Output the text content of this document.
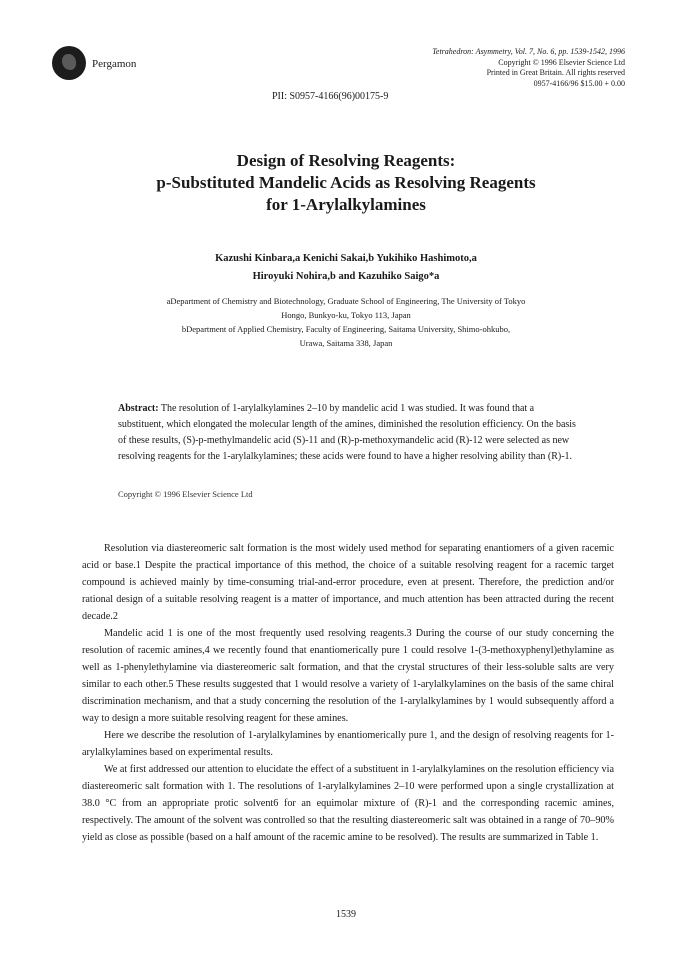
Pergamon
Tetrahedron: Asymmetry, Vol. 7, No. 6, pp. 1539-1542, 1996
Copyright © 1996 Elsevier Science Ltd
Printed in Great Britain. All rights reserved
0957-4166/96 $15.00 + 0.00
PII: S0957-4166(96)00175-9
Design of Resolving Reagents:
p-Substituted Mandelic Acids as Resolving Reagents
for 1-Arylalkylamines
Kazushi Kinbara,a Kenichi Sakai,b Yukihiko Hashimoto,a
Hiroyuki Nohira,b and Kazuhiko Saigo*a
aDepartment of Chemistry and Biotechnology, Graduate School of Engineering, The University of Tokyo
Hongo, Bunkyo-ku, Tokyo 113, Japan
bDepartment of Applied Chemistry, Faculty of Engineering, Saitama University, Shimo-ohkubo,
Urawa, Saitama 338, Japan
Abstract: The resolution of 1-arylalkylamines 2–10 by mandelic acid 1 was studied. It was found that a substituent, which elongated the molecular length of the amines, diminished the resolution efficiency. On the basis of these results, (S)-p-methylmandelic acid (S)-11 and (R)-p-methoxymandelic acid (R)-12 were selected as new resolving reagents for the 1-arylalkylamines; these acids were found to have a higher resolving ability than (R)-1.
Copyright © 1996 Elsevier Science Ltd

Resolution via diastereomeric salt formation is the most widely used method for separating enantiomers of a given racemic acid or base.1 Despite the practical importance of this method, the choice of a suitable resolving reagent for a racemic target compound is achieved mainly by time-consuming trial-and-error procedure, even at present. Therefore, the prediction and/or rational design of a suitable resolving reagent is a matter of importance, and much attention has been attracted during the recent decade.2

Mandelic acid 1 is one of the most frequently used resolving reagents.3 During the course of our study concerning the resolution of racemic amines,4 we recently found that enantiomerically pure 1 could resolve 1-(3-methoxyphenyl)ethylamine as well as 1-phenylethylamine via diastereomeric salt formation, and that the crystal structures of their less-soluble salts are very similar to each other.5 These results suggested that 1 would resolve a variety of 1-arylalkylamines on the basis of the same chiral discrimination mechanism, and that a study concerning the resolution of the 1-arylalkylamines by 1 would subsequently afford a way to design a more suitable resolving reagent for these amines.

Here we describe the resolution of 1-arylalkylamines by enantiomerically pure 1, and the design of resolving reagents for 1-arylalkylamines based on experimental results.

We at first addressed our attention to elucidate the effect of a substituent in 1-arylalkylamines on the resolution efficiency via diastereomeric salt formation with 1. The resolutions of 1-arylalkylamines 2–10 were performed upon a single crystallization at 38.0 °C from an appropriate protic solvent6 for an equimolar mixture of (R)-1 and the corresponding racemic amines, respectively. The amount of the solvent was controlled so that the resulting diastereomeric salt was obtained in a range of 70–90% yield as close as possible (based on a half amount of the racemic amine to be resolved). The results are summarized in Table 1.

1539
